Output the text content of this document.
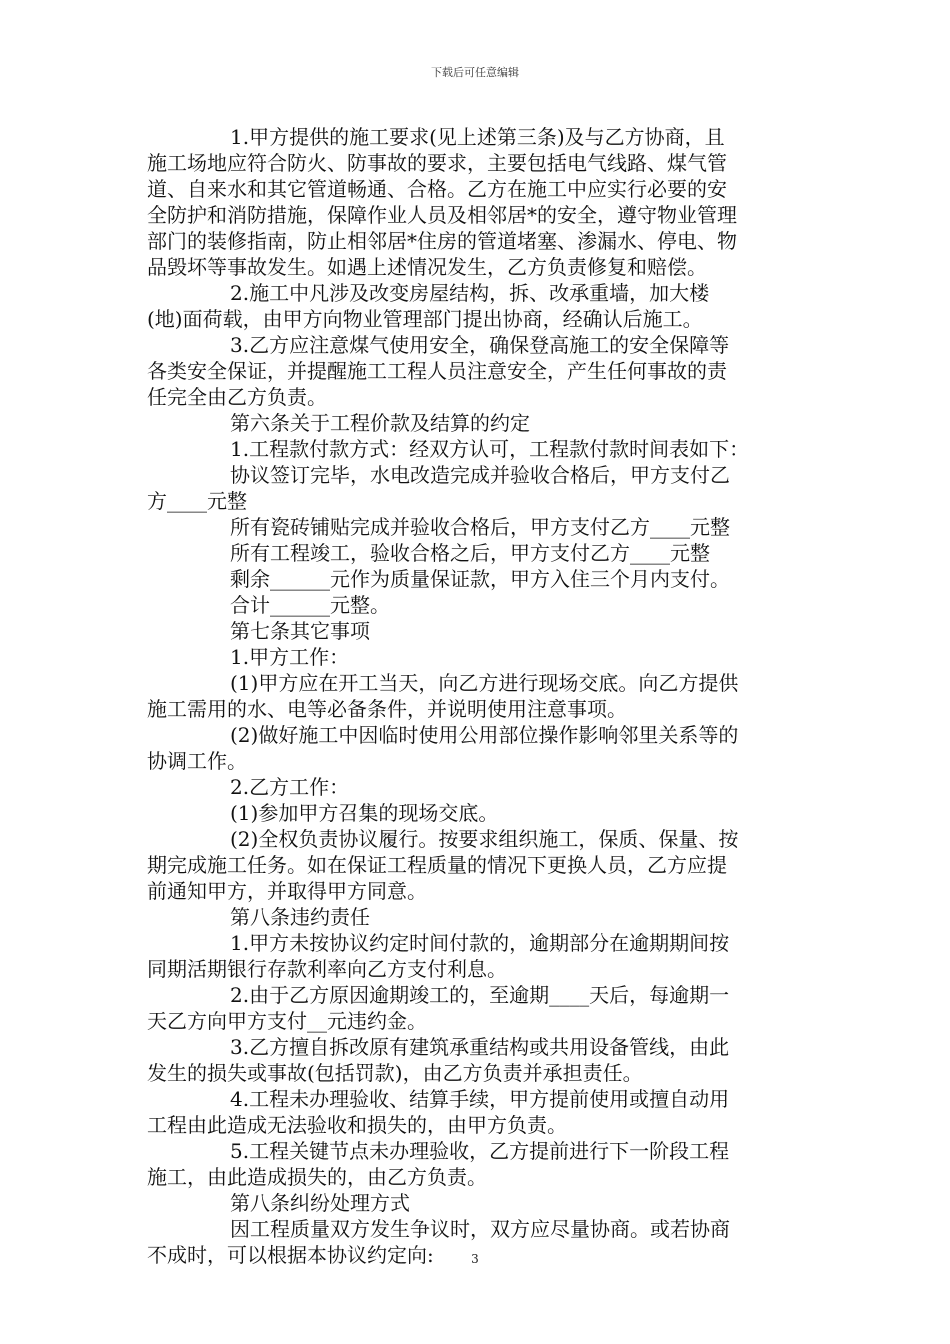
下载后可任意编辑
1.甲方提供的施工要求(见上述第三条)及与乙方协商，且
施工场地应符合防火、防事故的要求，主要包括电气线路、煤气管
道、自来水和其它管道畅通、合格。乙方在施工中应实行必要的安
全防护和消防措施，保障作业人员及相邻居*的安全，遵守物业管理
部门的装修指南，防止相邻居*住房的管道堵塞、渗漏水、停电、物
品毁坏等事故发生。如遇上述情况发生，乙方负责修复和赔偿。
2.施工中凡涉及改变房屋结构，拆、改承重墙，加大楼
(地)面荷载，由甲方向物业管理部门提出协商，经确认后施工。
3.乙方应注意煤气使用安全，确保登高施工的安全保障等
各类安全保证，并提醒施工工程人员注意安全，产生任何事故的责
任完全由乙方负责。
第六条关于工程价款及结算的约定
1.工程款付款方式：经双方认可，工程款付款时间表如下：
协议签订完毕，水电改造完成并验收合格后，甲方支付乙
方____元整
所有瓷砖铺贴完成并验收合格后，甲方支付乙方____元整
所有工程竣工，验收合格之后，甲方支付乙方____元整
剩余______元作为质量保证款，甲方入住三个月内支付。
合计______元整。
第七条其它事项
1.甲方工作：
(1)甲方应在开工当天，向乙方进行现场交底。向乙方提供
施工需用的水、电等必备条件，并说明使用注意事项。
(2)做好施工中因临时使用公用部位操作影响邻里关系等的
协调工作。
2.乙方工作：
(1)参加甲方召集的现场交底。
(2)全权负责协议履行。按要求组织施工，保质、保量、按
期完成施工任务。如在保证工程质量的情况下更换人员，乙方应提
前通知甲方，并取得甲方同意。
第八条违约责任
1.甲方未按协议约定时间付款的，逾期部分在逾期期间按
同期活期银行存款利率向乙方支付利息。
2.由于乙方原因逾期竣工的，至逾期____天后，每逾期一
天乙方向甲方支付__元违约金。
3.乙方擅自拆改原有建筑承重结构或共用设备管线，由此
发生的损失或事故(包括罚款)，由乙方负责并承担责任。
4.工程未办理验收、结算手续，甲方提前使用或擅自动用
工程由此造成无法验收和损失的，由甲方负责。
5.工程关键节点未办理验收，乙方提前进行下一阶段工程
施工，由此造成损失的，由乙方负责。
第八条纠纷处理方式
因工程质量双方发生争议时，双方应尽量协商。或若协商
不成时，可以根据本协议约定向:	3
